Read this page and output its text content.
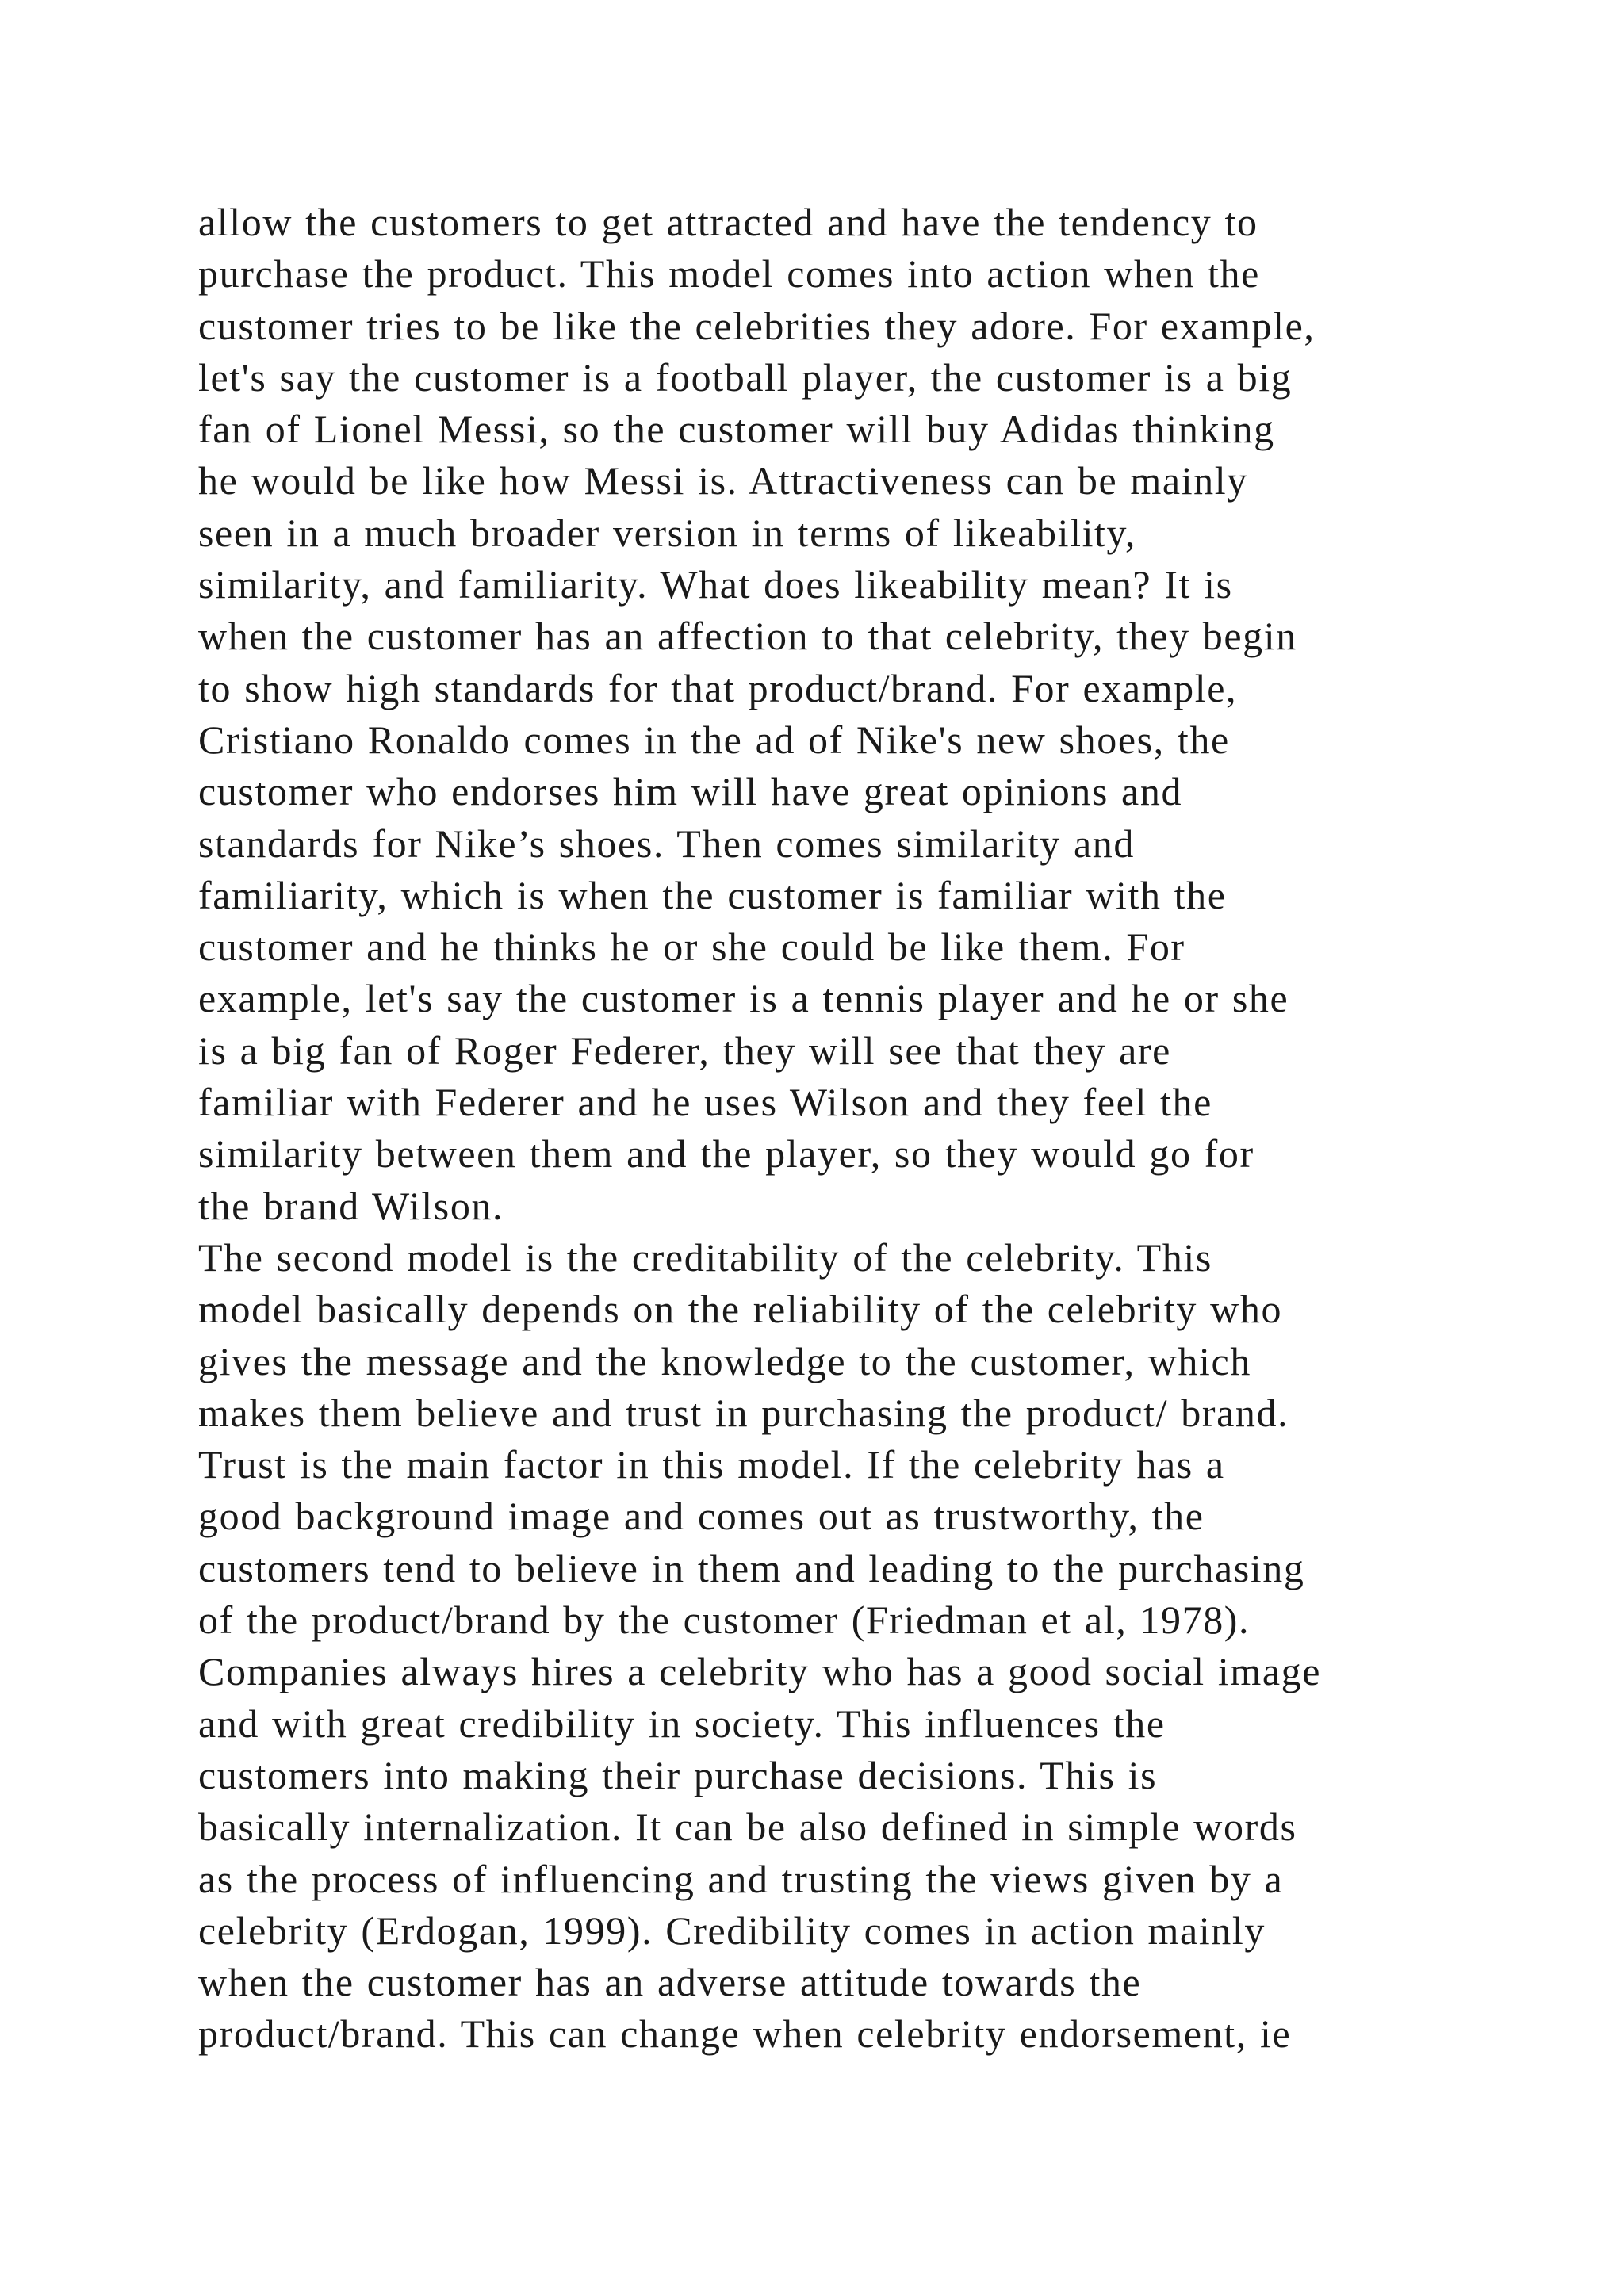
allow the customers to get attracted and have the tendency to
purchase the product. This model comes into action when the
customer tries to be like the celebrities they adore. For example,
let's say the customer is a football player, the customer is a big
fan of Lionel Messi, so the customer will buy Adidas thinking
he would be like how Messi is. Attractiveness can be mainly
seen in a much broader version in terms of likeability,
similarity, and familiarity. What does likeability mean? It is
when the customer has an affection to that celebrity, they begin
to show high standards for that product/brand. For example,
Cristiano Ronaldo comes in the ad of Nike's new shoes, the
customer who endorses him will have great opinions and
standards for Nike’s shoes. Then comes similarity and
familiarity, which is when the customer is familiar with the
customer and he thinks he or she could be like them. For
example, let's say the customer is a tennis player and he or she
is a big fan of Roger Federer, they will see that they are
familiar with Federer and he uses Wilson and they feel the
similarity between them and the player, so they would go for
the brand Wilson.
The second model is the creditability of the celebrity. This
model basically depends on the reliability of the celebrity who
gives the message and the knowledge to the customer, which
makes them believe and trust in purchasing the product/ brand.
Trust is the main factor in this model. If the celebrity has a
good background image and comes out as trustworthy, the
customers tend to believe in them and leading to the purchasing
of the product/brand by the customer (Friedman et al, 1978).
Companies always hires a celebrity who has a good social image
and with great credibility in society. This influences the
customers into making their purchase decisions. This is
basically internalization. It can be also defined in simple words
as the process of influencing and trusting the views given by a
celebrity (Erdogan, 1999). Credibility comes in action mainly
when the customer has an adverse attitude towards the
product/brand. This can change when celebrity endorsement, ie
